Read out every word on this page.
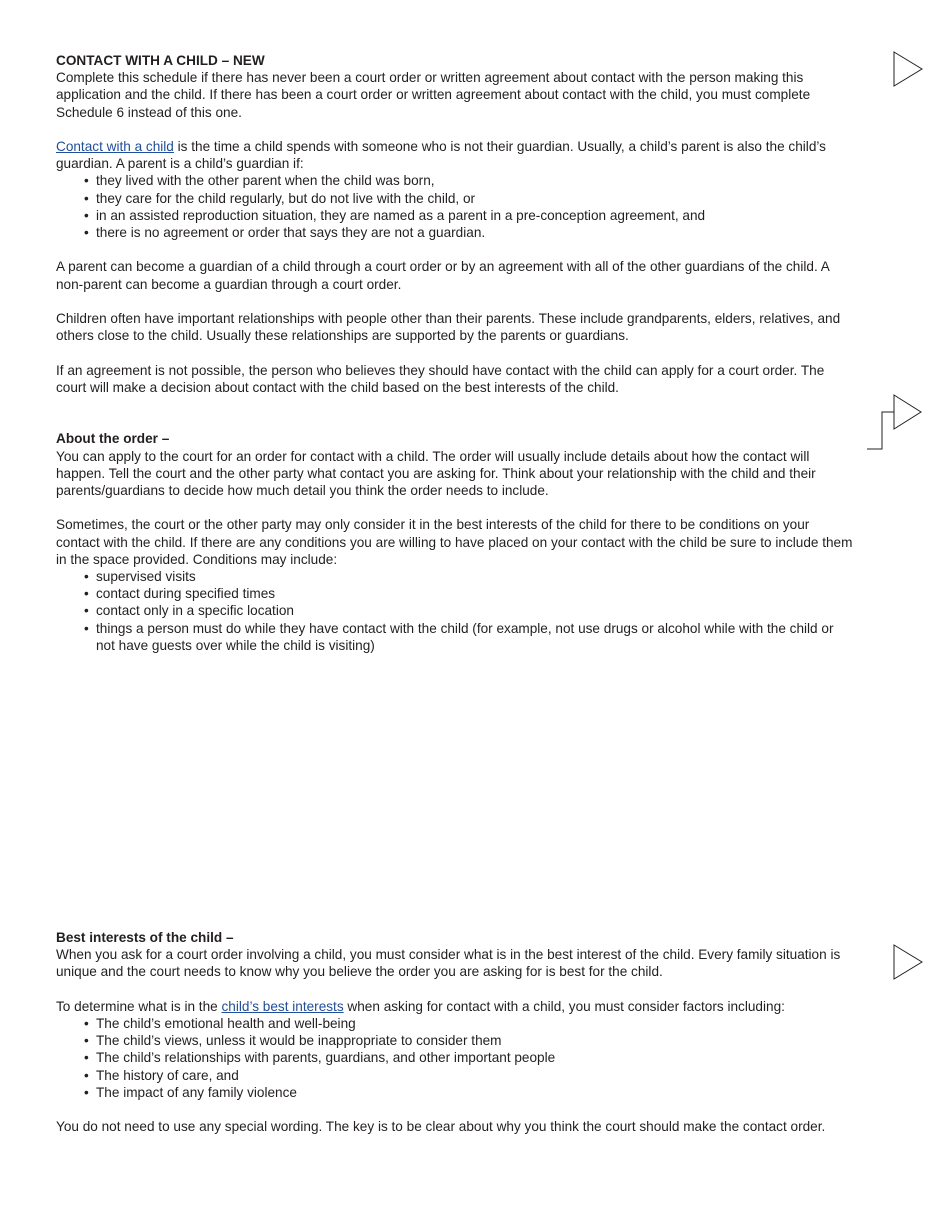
CONTACT WITH A CHILD – NEW

Complete this schedule if there has never been a court order or written agreement about contact with the person making this application and the child. If there has been a court order or written agreement about contact with the child, you must complete Schedule 6 instead of this one.

Contact with a child is the time a child spends with someone who is not their guardian. Usually, a child’s parent is also the child’s guardian. A parent is a child’s guardian if:

• they lived with the other parent when the child was born,
• they care for the child regularly, but do not live with the child, or
• in an assisted reproduction situation, they are named as a parent in a pre-conception agreement, and
• there is no agreement or order that says they are not a guardian.

A parent can become a guardian of a child through a court order or by an agreement with all of the other guardians of the child. A non-parent can become a guardian through a court order.

Children often have important relationships with people other than their parents. These include grandparents, elders, relatives, and others close to the child. Usually these relationships are supported by the parents or guardians.

If an agreement is not possible, the person who believes they should have contact with the child can apply for a court order. The court will make a decision about contact with the child based on the best interests of the child.

About the order –

You can apply to the court for an order for contact with a child. The order will usually include details about how the contact will happen. Tell the court and the other party what contact you are asking for. Think about your relationship with the child and their parents/guardians to decide how much detail you think the order needs to include.

Sometimes, the court or the other party may only consider it in the best interests of the child for there to be conditions on your contact with the child. If there are any conditions you are willing to have placed on your contact with the child be sure to include them in the space provided. Conditions may include:

• supervised visits
• contact during specified times
• contact only in a specific location
• things a person must do while they have contact with the child (for example, not use drugs or alcohol while with the child or not have guests over while the child is visiting)

Best interests of the child –

When you ask for a court order involving a child, you must consider what is in the best interest of the child. Every family situation is unique and the court needs to know why you believe the order you are asking for is best for the child.

To determine what is in the child’s best interests when asking for contact with a child, you must consider factors including:

• The child’s emotional health and well-being
• The child’s views, unless it would be inappropriate to consider them
• The child’s relationships with parents, guardians, and other important people
• The history of care, and
• The impact of any family violence

You do not need to use any special wording. The key is to be clear about why you think the court should make the contact order.
